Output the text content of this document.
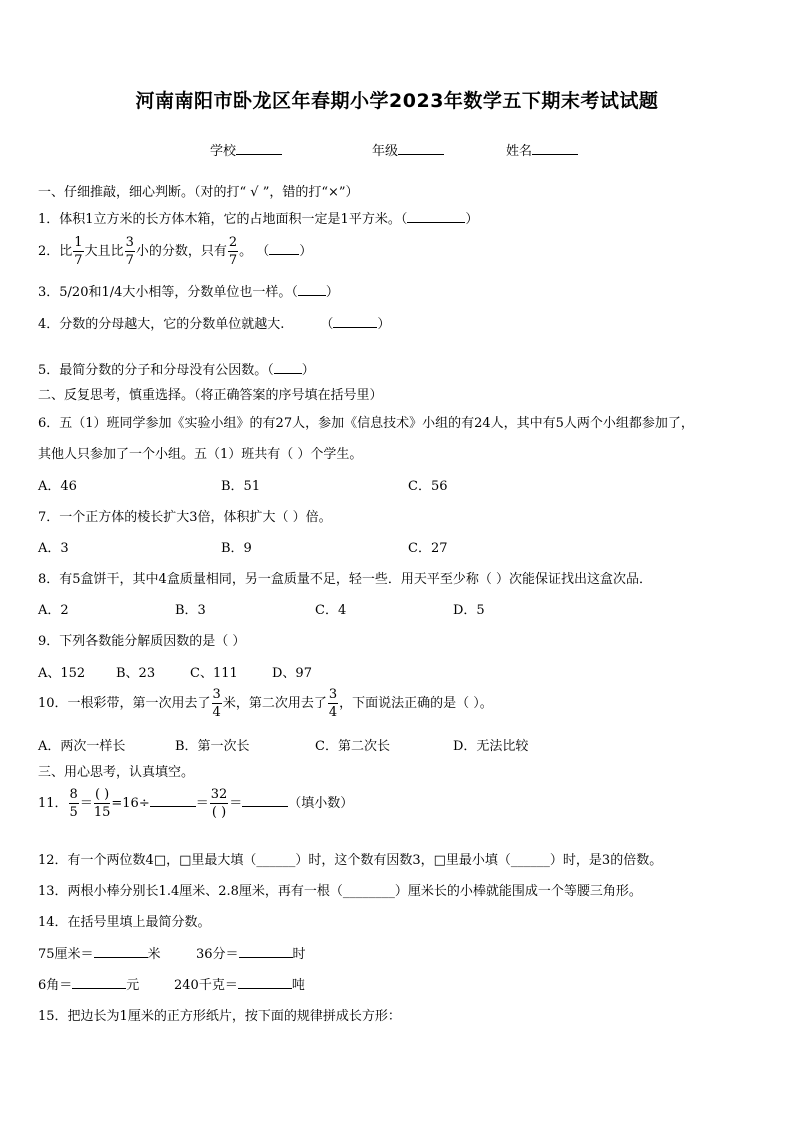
河南南阳市卧龙区年春期小学2023年数学五下期末考试试题
学校	年级	姓名
一、仔细推敲，细心判断。（对的打“ √ ”，错的打“×”）
1．体积1立方米的长方体木箱，它的占地面积一定是1平方米。（	）
2．比 $\frac{1}{7}$ 大且比 $\frac{3}{7}$ 小的分数，只有 $\frac{2}{7}$ 。 （ ）
3．5/20和1/4大小相等，分数单位也一样。（ ）
4．分数的分母越大，它的分数单位就越大.	（	）
5．最简分数的分子和分母没有公因数。（ ）
二、反复思考，慎重选择。（将正确答案的序号填在括号里）
6．五（1）班同学参加《实验小组》的有27人，参加《信息技术》小组的有24人，其中有5人两个小组都参加了，
其他人只参加了一个小组。五（1）班共有（ ）个学生。
A．46	B．51	C．56
7．一个正方体的棱长扩大3倍，体积扩大（ ）倍。
A．3	B．9	C．27
8．有5盒饼干，其中4盒质量相同，另一盒质量不足，轻一些．用天平至少称（ ）次能保证找出这盒次品．
A．2	B．3	C．4	D．5
9．下列各数能分解质因数的是（ ）
A、152 B、23	C、111	D、97
10．一根彩带，第一次用去了 $\frac{3}{4}$ 米，第二次用去了 $\frac{3}{4}$ ，下面说法正确的是（ ）。
A．两次一样长	B．第一次长	C．第二次长	D．无法比较
三、用心思考，认真填空。
11． $\frac{8}{5} = \frac{( )}{15} =16\div$	＝ $\frac{32}{( )}$ ＝	（填小数）
12．有一个两位数4□，□里最大填（______）时，这个数有因数3，□里最小填（______）时，是3的倍数。
13．两根小棒分别长1.4厘米、2.8厘米，再有一根（________）厘米长的小棒就能围成一个等腰三角形。
14．在括号里填上最简分数。
75厘米＝	米	36分＝	时
6角＝	元	240千克＝	吨
15．把边长为1厘米的正方形纸片，按下面的规律拼成长方形：
